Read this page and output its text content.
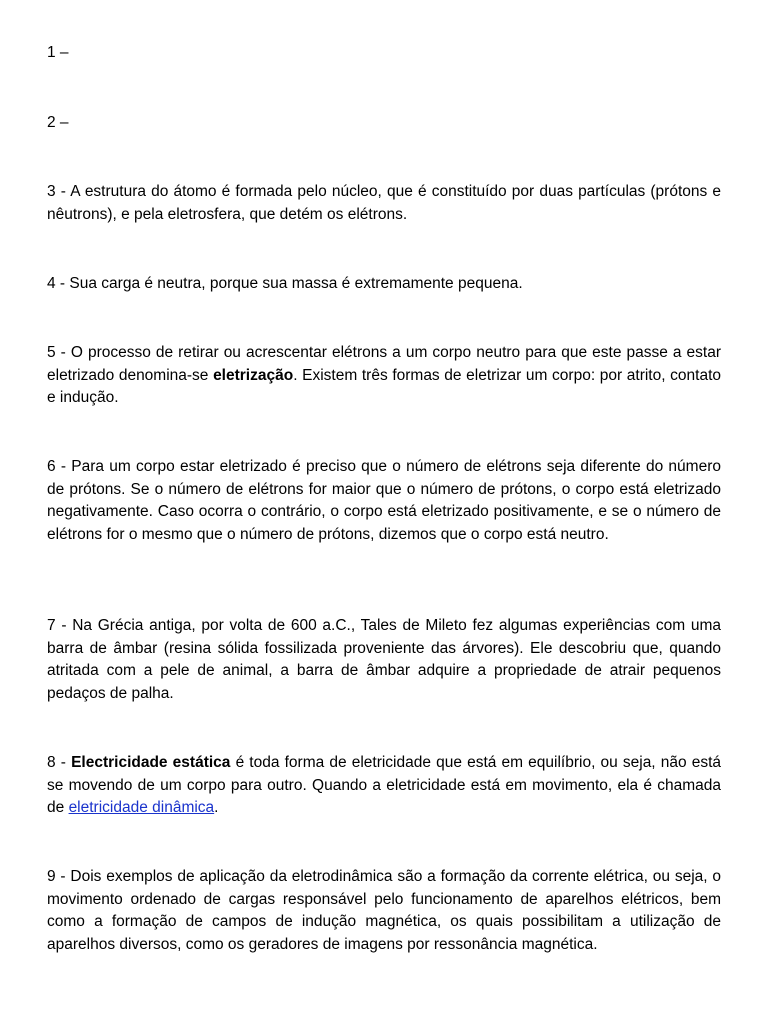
1 –

2 –

3 - A estrutura do átomo é formada pelo núcleo, que é constituído por duas partículas (prótons e nêutrons), e pela eletrosfera, que detém os elétrons.

4 - Sua carga é neutra, porque sua massa é extremamente pequena.

5 - O processo de retirar ou acrescentar elétrons a um corpo neutro para que este passe a estar eletrizado denomina-se eletrização. Existem três formas de eletrizar um corpo: por atrito, contato e indução.

6 - Para um corpo estar eletrizado é preciso que o número de elétrons seja diferente do número de prótons. Se o número de elétrons for maior que o número de prótons, o corpo está eletrizado negativamente. Caso ocorra o contrário, o corpo está eletrizado positivamente, e se o número de elétrons for o mesmo que o número de prótons, dizemos que o corpo está neutro.

7 - Na Grécia antiga, por volta de 600 a.C., Tales de Mileto fez algumas experiências com uma barra de âmbar (resina sólida fossilizada proveniente das árvores). Ele descobriu que, quando atritada com a pele de animal, a barra de âmbar adquire a propriedade de atrair pequenos pedaços de palha.

8 - Electricidade estática é toda forma de eletricidade que está em equilíbrio, ou seja, não está se movendo de um corpo para outro. Quando a eletricidade está em movimento, ela é chamada de eletricidade dinâmica.

9 - Dois exemplos de aplicação da eletrodinâmica são a formação da corrente elétrica, ou seja, o movimento ordenado de cargas responsável pelo funcionamento de aparelhos elétricos, bem como a formação de campos de indução magnética, os quais possibilitam a utilização de aparelhos diversos, como os geradores de imagens por ressonância magnética.
